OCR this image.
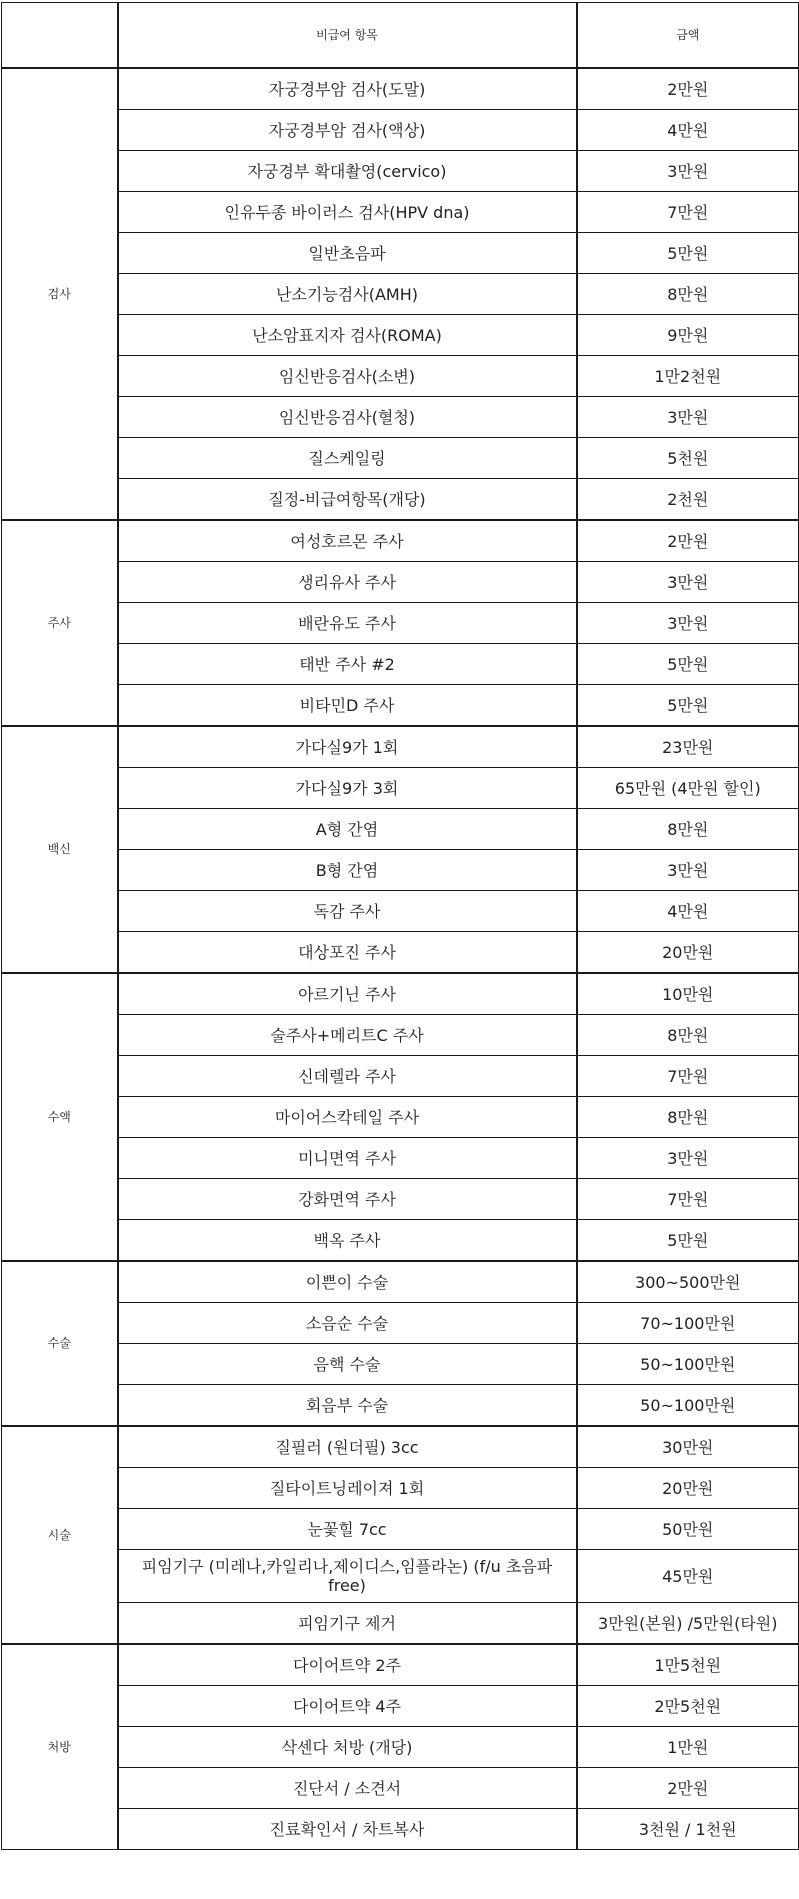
	비급여 항목	금액
검사	자궁경부암 검사(도말)	2만원
	자궁경부암 검사(액상)	4만원
	자궁경부 확대촬영(cervico)	3만원
	인유두종 바이러스 검사(HPV dna)	7만원
	일반초음파	5만원
	난소기능검사(AMH)	8만원
	난소암표지자 검사(ROMA)	9만원
	임신반응검사(소변)	1만2천원
	임신반응검사(혈청)	3만원
	질스케일링	5천원
	질정-비급여항목(개당)	2천원
주사	여성호르몬 주사	2만원
	생리유사 주사	3만원
	배란유도 주사	3만원
	태반 주사 #2	5만원
	비타민D 주사	5만원
백신	가다실9가 1회	23만원
	가다실9가 3회	65만원 (4만원 할인)
	A형 간염	8만원
	B형 간염	3만원
	독감 주사	4만원
	대상포진 주사	20만원
수액	아르기닌 주사	10만원
	술주사+메리트C 주사	8만원
	신데렐라 주사	7만원
	마이어스칵테일 주사	8만원
	미니면역 주사	3만원
	강화면역 주사	7만원
	백옥 주사	5만원
수술	이쁜이 수술	300~500만원
	소음순 수술	70~100만원
	음핵 수술	50~100만원
	회음부 수술	50~100만원
시술	질필러 (원더필) 3cc	30만원
	질타이트닝레이져 1회	20만원
	눈꽃힐 7cc	50만원
	피임기구 (미레나,카일리나,제이디스,임플라논) (f/u 초음파 free)	45만원
	피임기구 제거	3만원(본원) /5만원(타원)
처방	다이어트약 2주	1만5천원
	다이어트약 4주	2만5천원
	삭센다 처방 (개당)	1만원
	진단서 / 소견서	2만원
	진료확인서 / 차트복사	3천원 / 1천원
